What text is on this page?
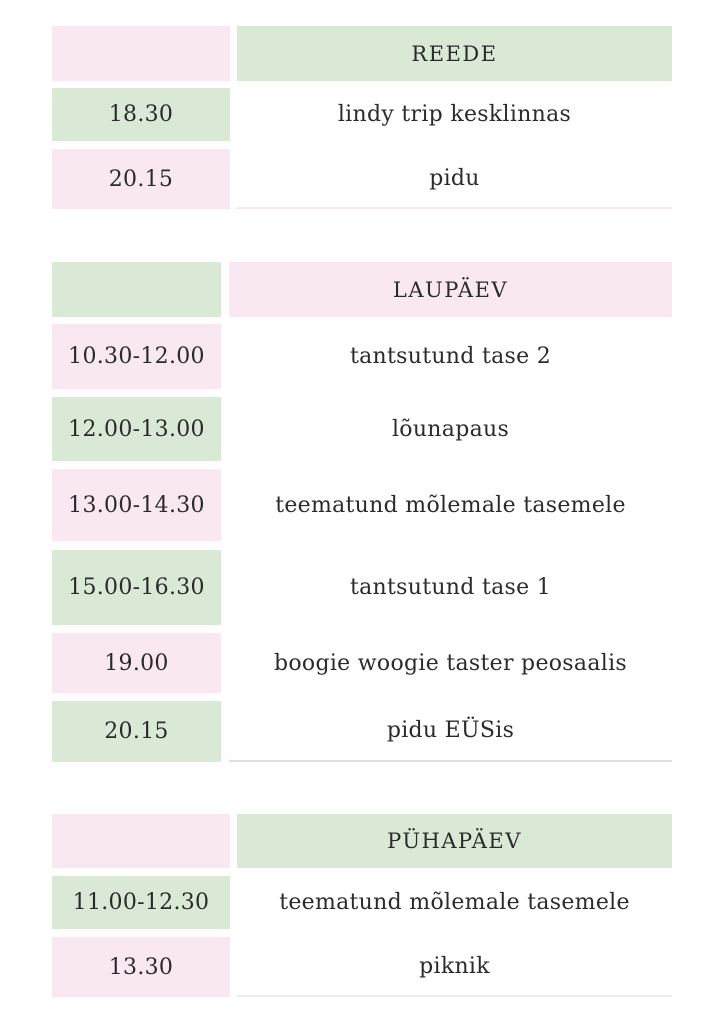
REEDE
18.30	lindy trip kesklinnas
20.15	pidu
LAUPÄEV
10.30-12.00	tantsutund tase 2
12.00-13.00	lõunapaus
13.00-14.30	teematund mõlemale tasemele
15.00-16.30	tantsutund tase 1
19.00	boogie woogie taster peosaalis
20.15	pidu EÜSis
PÜHAPÄEV
11.00-12.30	teematund mõlemale tasemele
13.30	piknik
